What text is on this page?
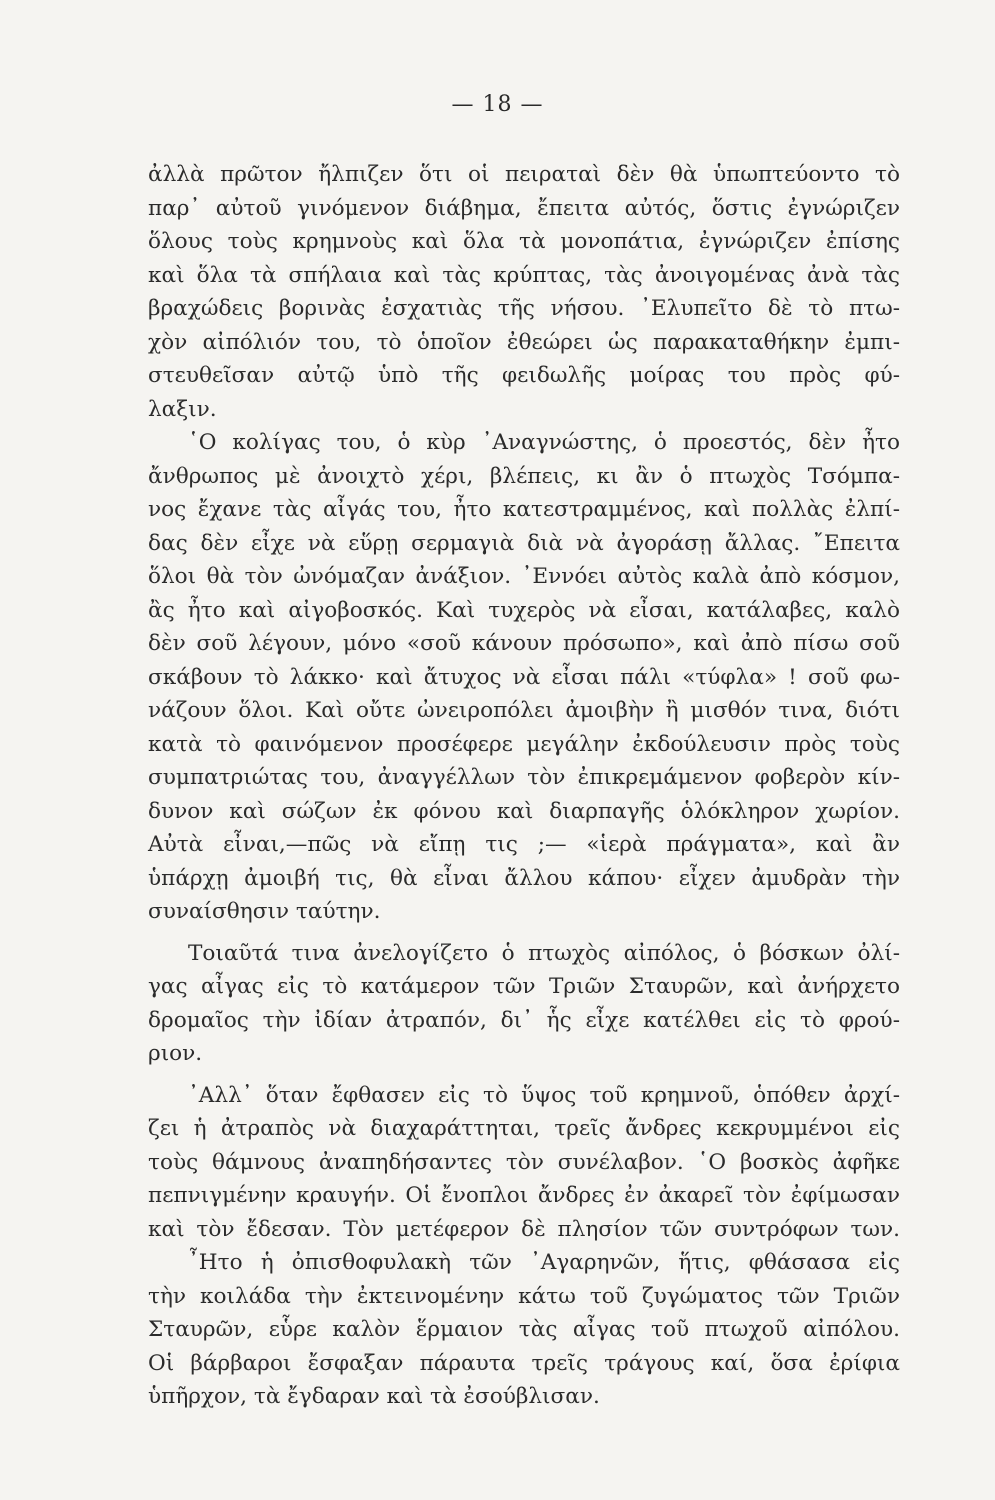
— 18 —
ἀλλὰ πρῶτον ἤλπιζεν ὅτι οἱ πειραταὶ δὲν θὰ ὑπωπτεύοντο τὸ
παρ᾽ αὐτοῦ γινόμενον διάβημα, ἔπειτα αὐτός, ὅστις ἐγνώριζεν
ὅλους τοὺς κρημνοὺς καὶ ὅλα τὰ μονοπάτια, ἐγνώριζεν ἐπίσης
καὶ ὅλα τὰ σπήλαια καὶ τὰς κρύπτας, τὰς ἀνοιγομένας ἀνὰ τὰς
βραχώδεις βορινὰς ἐσχατιὰς τῆς νήσου. ᾿Ελυπεῖτο δὲ τὸ πτω-
χὸν αἰπόλιόν του, τὸ ὁποῖον ἐθεώρει ὡς παρακαταθήκην ἐμπι-
στευθεῖσαν αὐτῷ ὑπὸ τῆς φειδωλῆς μοίρας του πρὸς φύ-
λαξιν.
῾Ο κολίγας του, ὁ κὺρ ᾿Αναγνώστης, ὁ προεστός, δὲν ἦτο
ἄνθρωπος μὲ ἀνοιχτὸ χέρι, βλέπεις, κι ἂν ὁ πτωχὸς Τσόμπα-
νος ἔχανε τὰς αἶγάς του, ἦτο κατεστραμμένος, καὶ πολλὰς ἐλπί-
δας δὲν εἶχε νὰ εὕρῃ σερμαγιὰ διὰ νὰ ἀγοράσῃ ἄλλας. ῎Επειτα
ὅλοι θὰ τὸν ὠνόμαζαν ἀνάξιον. ᾿Εννόει αὐτὸς καλὰ ἀπὸ κόσμον,
ἂς ἦτο καὶ αἰγοβοσκός. Καὶ τυχερὸς νὰ εἶσαι, κατάλαβες, καλὸ
δὲν σοῦ λέγουν, μόνο «σοῦ κάνουν πρόσωπο», καὶ ἀπὸ πίσω σοῦ
σκάβουν τὸ λάκκο· καὶ ἄτυχος νὰ εἶσαι πάλι «τύφλα» ! σοῦ φω-
νάζουν ὅλοι. Καὶ οὔτε ὠνειροπόλει ἀμοιβὴν ἢ μισθόν τινα, διότι
κατὰ τὸ φαινόμενον προσέφερε μεγάλην ἐκδούλευσιν πρὸς τοὺς
συμπατριώτας του, ἀναγγέλλων τὸν ἐπικρεμάμενον φοβερὸν κίν-
δυνον καὶ σώζων ἐκ φόνου καὶ διαρπαγῆς ὁλόκληρον χωρίον.
Αὐτὰ εἶναι,—πῶς νὰ εἴπῃ τις ;— «ἱερὰ πράγματα», καὶ ἂν
ὑπάρχῃ ἀμοιβή τις, θὰ εἶναι ἄλλου κάπου· εἶχεν ἀμυδρὰν τὴν
συναίσθησιν ταύτην.
Τοιαῦτά τινα ἀνελογίζετο ὁ πτωχὸς αἰπόλος, ὁ βόσκων ὀλί-
γας αἶγας εἰς τὸ κατάμερον τῶν Τριῶν Σταυρῶν, καὶ ἀνήρχετο
δρομαῖος τὴν ἰδίαν ἀτραπόν, δι᾽ ἧς εἶχε κατέλθει εἰς τὸ φρού-
ριον.
᾿Αλλ᾽ ὅταν ἔφθασεν εἰς τὸ ὕψος τοῦ κρημνοῦ, ὁπόθεν ἀρχί-
ζει ἡ ἀτραπὸς νὰ διαχαράττηται, τρεῖς ἄνδρες κεκρυμμένοι εἰς
τοὺς θάμνους ἀναπηδήσαντες τὸν συνέλαβον. ῾Ο βοσκὸς ἀφῆκε
πεπνιγμένην κραυγήν. Οἱ ἔνοπλοι ἄνδρες ἐν ἀκαρεῖ τὸν ἐφίμωσαν
καὶ τὸν ἔδεσαν. Τὸν μετέφερον δὲ πλησίον τῶν συντρόφων των.
῏Ητο ἡ ὀπισθοφυλακὴ τῶν ᾿Αγαρηνῶν, ἥτις, φθάσασα εἰς
τὴν κοιλάδα τὴν ἐκτεινομένην κάτω τοῦ ζυγώματος τῶν Τριῶν
Σταυρῶν, εὗρε καλὸν ἕρμαιον τὰς αἶγας τοῦ πτωχοῦ αἰπόλου.
Οἱ βάρβαροι ἔσφαξαν πάραυτα τρεῖς τράγους καί, ὅσα ἐρίφια
ὑπῆρχον, τὰ ἔγδαραν καὶ τὰ ἐσούβλισαν.
